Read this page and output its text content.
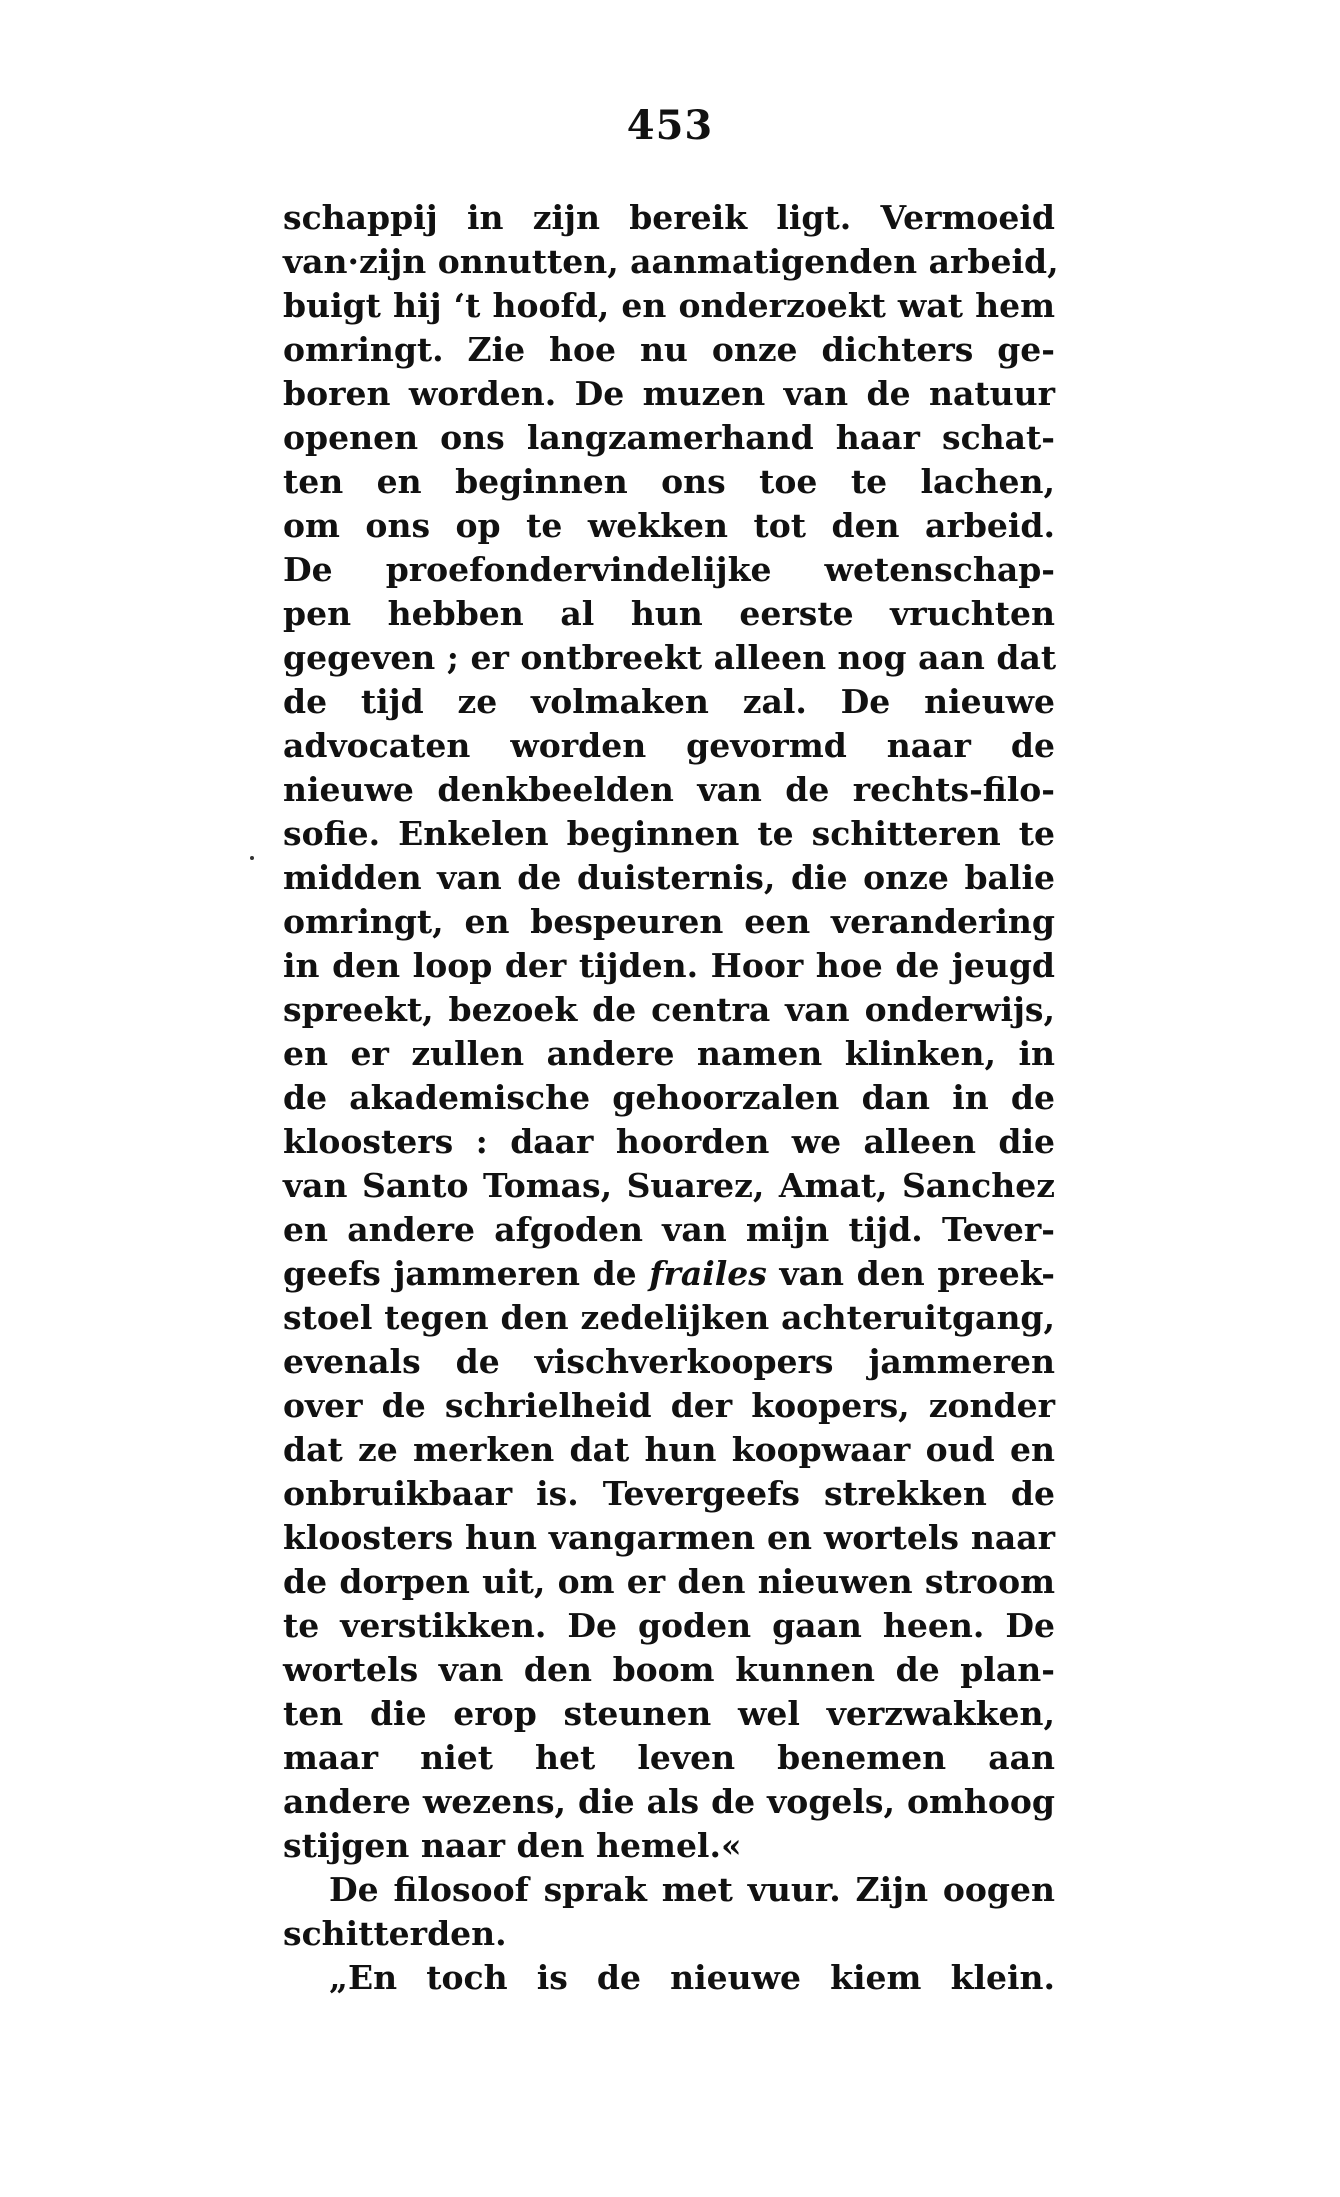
453
schappij in zijn bereik ligt. Vermoeid
van·zijn onnutten, aanmatigenden arbeid,
buigt hij ‘t hoofd, en onderzoekt wat hem
omringt. Zie hoe nu onze dichters ge-
boren worden. De muzen van de natuur
openen ons langzamerhand haar schat-
ten en beginnen ons toe te lachen,
om ons op te wekken tot den arbeid.
De proefondervindelijke wetenschap-
pen hebben al hun eerste vruchten
gegeven ; er ontbreekt alleen nog aan dat
de tijd ze volmaken zal. De nieuwe
advocaten worden gevormd naar de
nieuwe denkbeelden van de rechts-filo-
sofie. Enkelen beginnen te schitteren te
midden van de duisternis, die onze balie
omringt, en bespeuren een verandering
in den loop der tijden. Hoor hoe de jeugd
spreekt, bezoek de centra van onderwijs,
en er zullen andere namen klinken, in
de akademische gehoorzalen dan in de
kloosters : daar hoorden we alleen die
van Santo Tomas, Suarez, Amat, Sanchez
en andere afgoden van mijn tijd. Tever-
geefs jammeren de frailes van den preek-
stoel tegen den zedelijken achteruitgang,
evenals de vischverkoopers jammeren
over de schrielheid der koopers, zonder
dat ze merken dat hun koopwaar oud en
onbruikbaar is. Tevergeefs strekken de
kloosters hun vangarmen en wortels naar
de dorpen uit, om er den nieuwen stroom
te verstikken. De goden gaan heen. De
wortels van den boom kunnen de plan-
ten die erop steunen wel verzwakken,
maar niet het leven benemen aan
andere wezens, die als de vogels, omhoog
stijgen naar den hemel.«
De filosoof sprak met vuur. Zijn oogen
schitterden.
„En toch is de nieuwe kiem klein.
